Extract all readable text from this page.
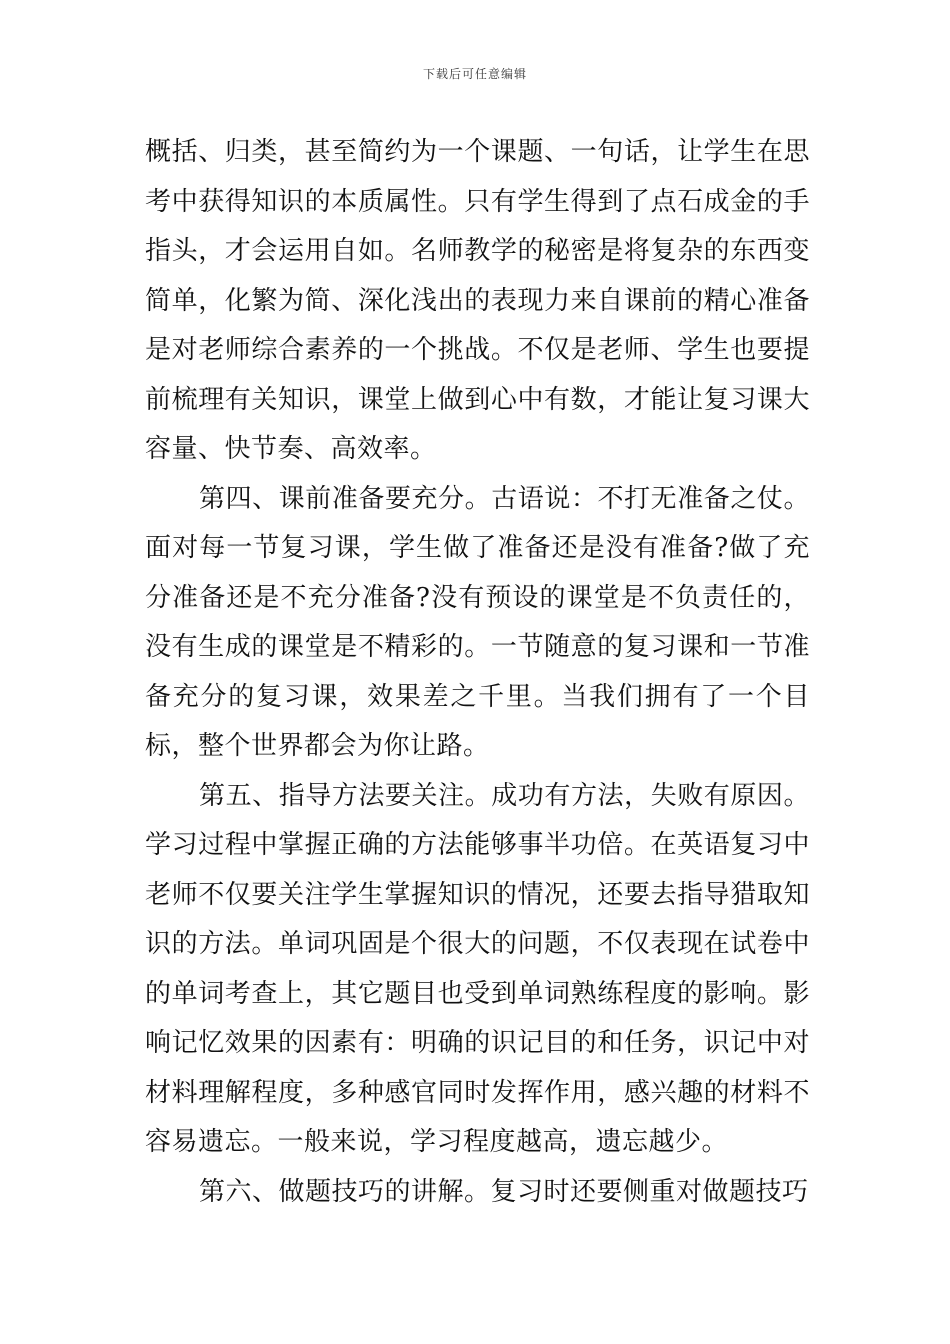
下载后可任意编辑

概括、归类，甚至简约为一个课题、一句话，让学生在思考中获得知识的本质属性。只有学生得到了点石成金的手指头，才会运用自如。名师教学的秘密是将复杂的东西变简单，化繁为简、深化浅出的表现力来自课前的精心准备是对老师综合素养的一个挑战。不仅是老师、学生也要提前梳理有关知识，课堂上做到心中有数，才能让复习课大容量、快节奏、高效率。

第四、课前准备要充分。古语说：不打无准备之仗。面对每一节复习课，学生做了准备还是没有准备?做了充分准备还是不充分准备?没有预设的课堂是不负责任的，没有生成的课堂是不精彩的。一节随意的复习课和一节准备充分的复习课，效果差之千里。当我们拥有了一个目标，整个世界都会为你让路。

第五、指导方法要关注。成功有方法，失败有原因。学习过程中掌握正确的方法能够事半功倍。在英语复习中老师不仅要关注学生掌握知识的情况，还要去指导猎取知识的方法。单词巩固是个很大的问题，不仅表现在试卷中的单词考查上，其它题目也受到单词熟练程度的影响。影响记忆效果的因素有：明确的识记目的和任务，识记中对材料理解程度，多种感官同时发挥作用，感兴趣的材料不容易遗忘。一般来说，学习程度越高，遗忘越少。

第六、做题技巧的讲解。复习时还要侧重对做题技巧
